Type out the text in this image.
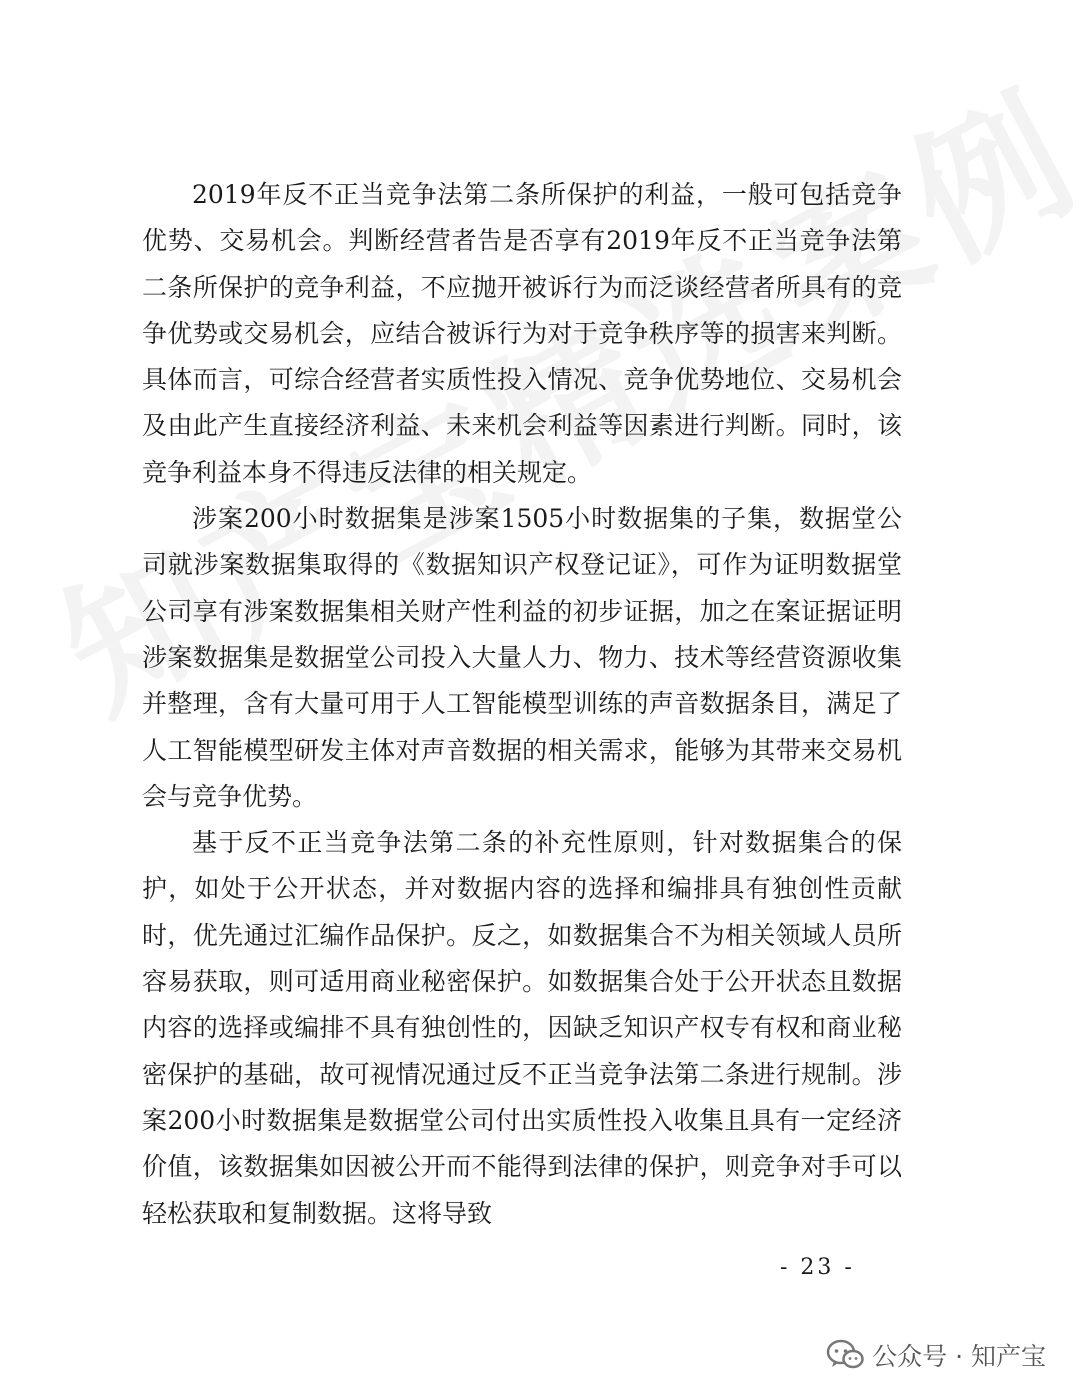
2019年反不正当竞争法第二条所保护的利益，一般可包括竞争优势、交易机会。判断经营者告是否享有2019年反不正当竞争法第二条所保护的竞争利益，不应抛开被诉行为而泛谈经营者所具有的竞争优势或交易机会，应结合被诉行为对于竞争秩序等的损害来判断。具体而言，可综合经营者实质性投入情况、竞争优势地位、交易机会及由此产生直接经济利益、未来机会利益等因素进行判断。同时，该竞争利益本身不得违反法律的相关规定。

涉案200小时数据集是涉案1505小时数据集的子集，数据堂公司就涉案数据集取得的《数据知识产权登记证》，可作为证明数据堂公司享有涉案数据集相关财产性利益的初步证据，加之在案证据证明涉案数据集是数据堂公司投入大量人力、物力、技术等经营资源收集并整理，含有大量可用于人工智能模型训练的声音数据条目，满足了人工智能模型研发主体对声音数据的相关需求，能够为其带来交易机会与竞争优势。

基于反不正当竞争法第二条的补充性原则，针对数据集合的保护，如处于公开状态，并对数据内容的选择和编排具有独创性贡献时，优先通过汇编作品保护。反之，如数据集合不为相关领域人员所容易获取，则可适用商业秘密保护。如数据集合处于公开状态且数据内容的选择或编排不具有独创性的，因缺乏知识产权专有权和商业秘密保护的基础，故可视情况通过反不正当竞争法第二条进行规制。涉案200小时数据集是数据堂公司付出实质性投入收集且具有一定经济价值，该数据集如因被公开而不能得到法律的保护，则竞争对手可以轻松获取和复制数据。这将导致

- 23 -
公众号 · 知产宝
